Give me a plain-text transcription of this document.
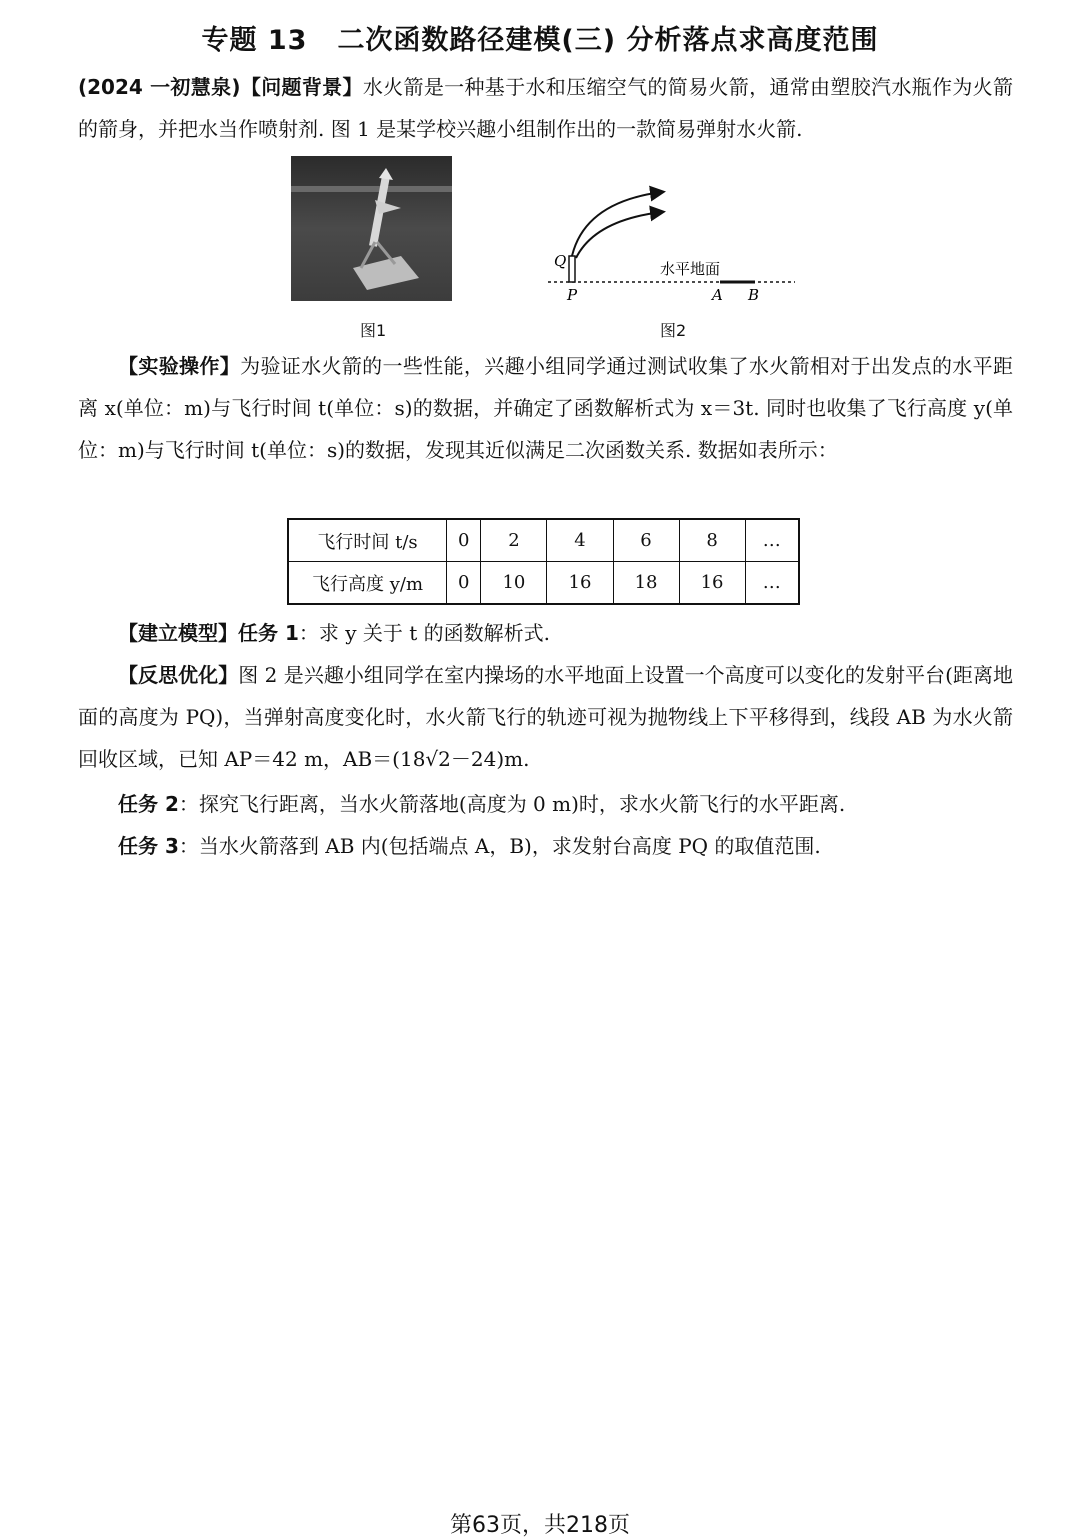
专题 13 二次函数路径建模(三) 分析落点求高度范围
(2024 一初慧泉)【问题背景】水火箭是一种基于水和压缩空气的简易火箭，通常由塑胶汽水瓶作为火箭的箭身，并把水当作喷射剂. 图 1 是某学校兴趣小组制作出的一款简易弹射水火箭.
图1
Q
P	A B
水平地面
图2
【实验操作】为验证水火箭的一些性能，兴趣小组同学通过测试收集了水火箭相对于出发点的水平距离 x(单位：m)与飞行时间 t(单位：s)的数据，并确定了函数解析式为 x＝3t. 同时也收集了飞行高度 y(单位：m)与飞行时间 t(单位：s)的数据，发现其近似满足二次函数关系. 数据如表所示：
飞行时间 t/s	0	2	4	6	8	…
飞行高度 y/m	0	10	16	18	16	…
【建立模型】任务 1：求 y 关于 t 的函数解析式.
【反思优化】图 2 是兴趣小组同学在室内操场的水平地面上设置一个高度可以变化的发射平台(距离地面的高度为 PQ)，当弹射高度变化时，水火箭飞行的轨迹可视为抛物线上下平移得到，线段 AB 为水火箭回收区域，已知 AP＝42 m，AB＝(18√2－24)m.
任务 2：探究飞行距离，当水火箭落地(高度为 0 m)时，求水火箭飞行的水平距离.
任务 3：当水火箭落到 AB 内(包括端点 A，B)，求发射台高度 PQ 的取值范围.
第63页，共218页
